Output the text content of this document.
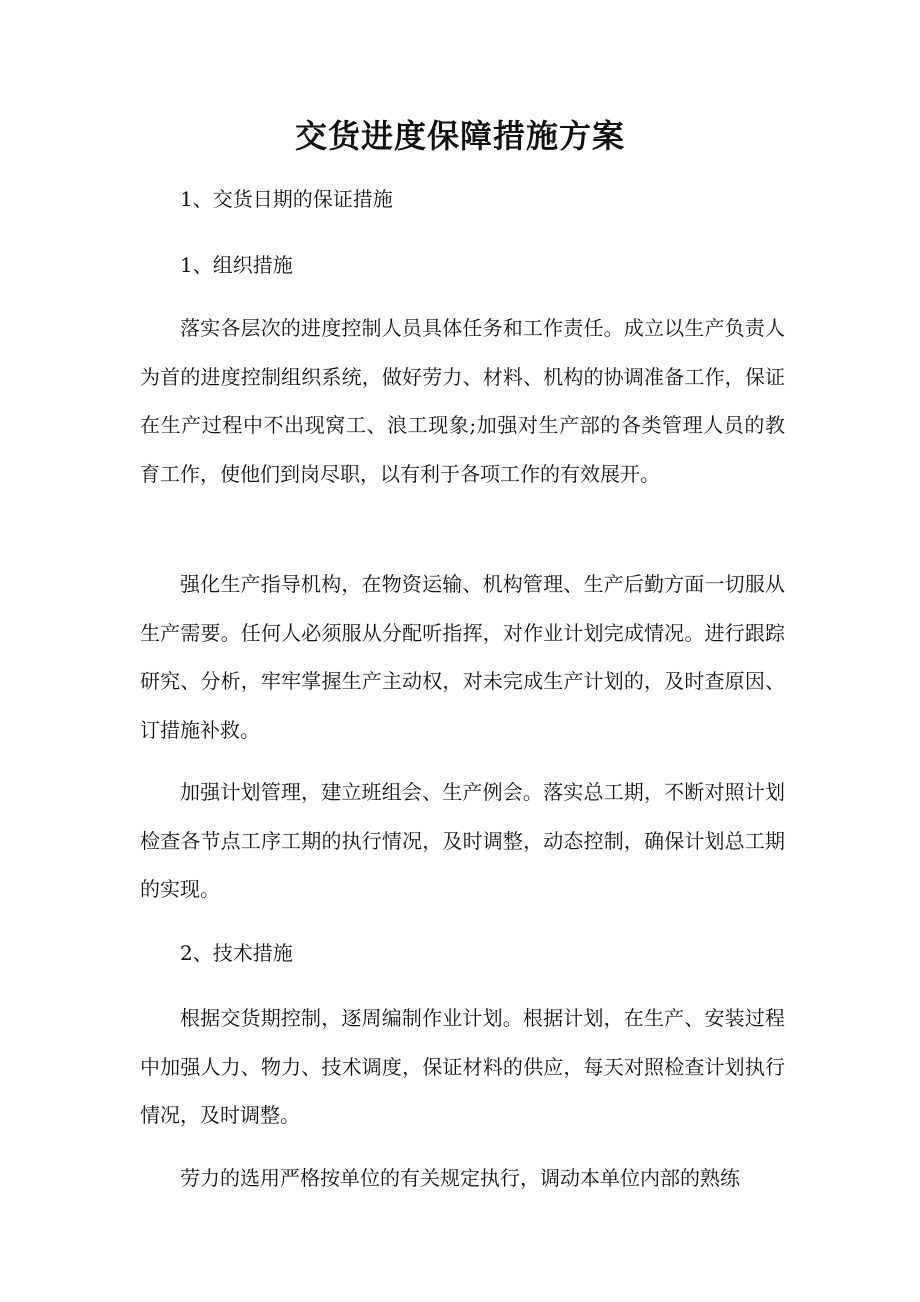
交货进度保障措施方案
1、交货日期的保证措施
1、组织措施

落实各层次的进度控制人员具体任务和工作责任。成立以生产负责人为首的进度控制组织系统，做好劳力、材料、机构的协调准备工作，保证在生产过程中不出现窝工、浪工现象;加强对生产部的各类管理人员的教育工作，使他们到岗尽职，以有利于各项工作的有效展开。

强化生产指导机构，在物资运输、机构管理、生产后勤方面一切服从生产需要。任何人必须服从分配听指挥，对作业计划完成情况。进行跟踪研究、分析，牢牢掌握生产主动权，对未完成生产计划的，及时查原因、订措施补救。

加强计划管理，建立班组会、生产例会。落实总工期，不断对照计划检查各节点工序工期的执行情况，及时调整，动态控制，确保计划总工期的实现。

2、技术措施

根据交货期控制，逐周编制作业计划。根据计划，在生产、安装过程中加强人力、物力、技术调度，保证材料的供应，每天对照检查计划执行情况，及时调整。

劳力的选用严格按单位的有关规定执行，调动本单位内部的熟练
